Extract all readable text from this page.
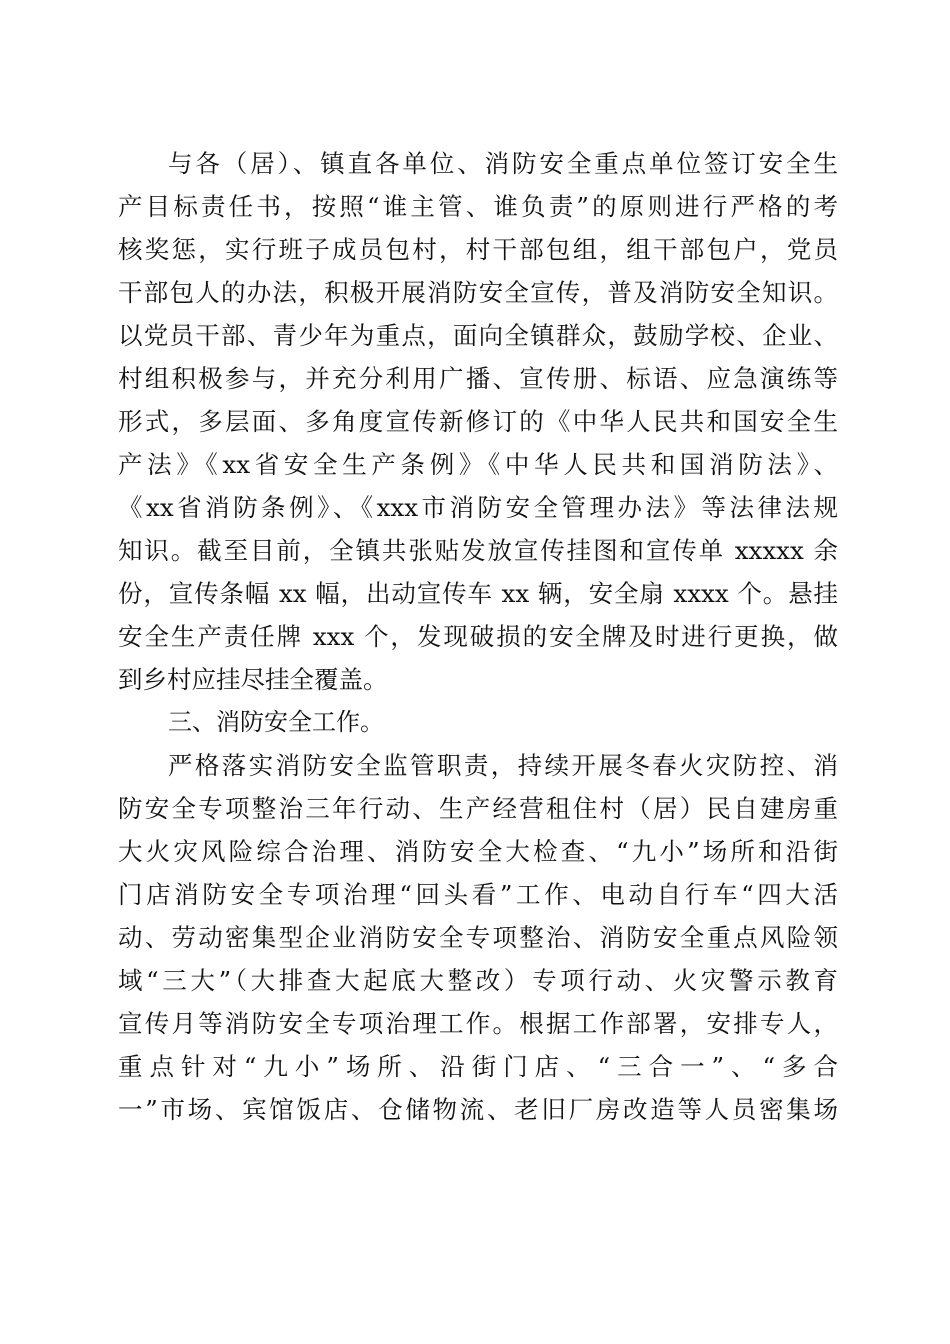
与各（居）、镇直各单位、消防安全重点单位签订安全生
产目标责任书，按照“谁主管、谁负责”的原则进行严格的考
核奖惩，实行班子成员包村，村干部包组，组干部包户，党员
干部包人的办法，积极开展消防安全宣传，普及消防安全知识。
以党员干部、青少年为重点，面向全镇群众，鼓励学校、企业、
村组积极参与，并充分利用广播、宣传册、标语、应急演练等
形式，多层面、多角度宣传新修订的《中华人民共和国安全生
产法》《xx省安全生产条例》《中华人民共和国消防法》、
《xx省消防条例》、《xxx市消防安全管理办法》等法律法规
知识。截至目前，全镇共张贴发放宣传挂图和宣传单 xxxxx 余
份，宣传条幅 xx 幅，出动宣传车 xx 辆，安全扇 xxxx 个。悬挂
安全生产责任牌 xxx 个，发现破损的安全牌及时进行更换，做
到乡村应挂尽挂全覆盖。
三、消防安全工作。
严格落实消防安全监管职责，持续开展冬春火灾防控、消
防安全专项整治三年行动、生产经营租住村（居）民自建房重
大火灾风险综合治理、消防安全大检查、“九小”场所和沿街
门店消防安全专项治理“回头看”工作、电动自行车“四大活
动、劳动密集型企业消防安全专项整治、消防安全重点风险领
域“三大”（大排查大起底大整改）专项行动、火灾警示教育
宣传月等消防安全专项治理工作。根据工作部署，安排专人，
重点针对“九小”场所、沿街门店、“三合一”、“多合
一”市场、宾馆饭店、仓储物流、老旧厂房改造等人员密集场
